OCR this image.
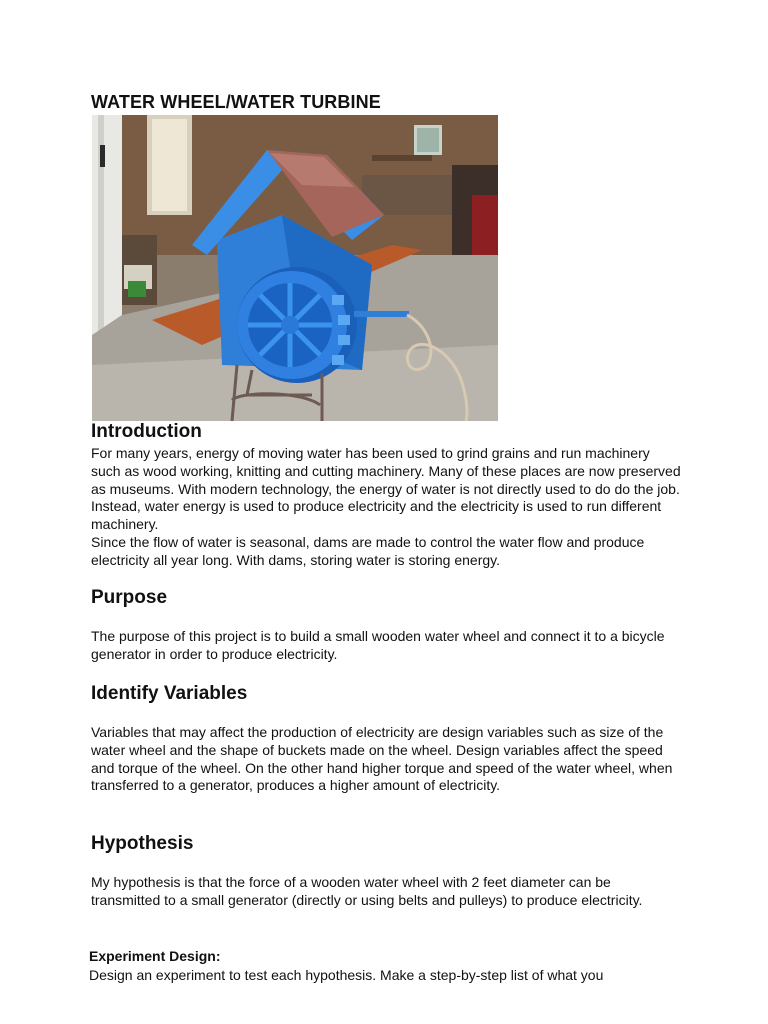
WATER WHEEL/WATER TURBINE
Introduction
For many years, energy of moving water has been used to grind grains and run machinery such as wood working, knitting and cutting machinery. Many of these places are now preserved as museums. With modern technology, the energy of water is not directly used to do do the job. Instead, water energy is used to produce electricity and the electricity is used to run different machinery.
Since the flow of water is seasonal, dams are made to control the water flow and produce electricity all year long. With dams, storing water is storing energy.
Purpose

The purpose of this project is to build a small wooden water wheel and connect it to a bicycle generator in order to produce electricity.

Identify Variables

Variables that may affect the production of electricity are design variables such as size of the water wheel and the shape of buckets made on the wheel. Design variables affect the speed and torque of the wheel. On the other hand higher torque and speed of the water wheel, when transferred to a generator, produces a higher amount of electricity.

Hypothesis

My hypothesis is that the force of a wooden water wheel with 2 feet diameter can be transmitted to a small generator (directly or using belts and pulleys) to produce electricity.

Experiment Design:

Design an experiment to test each hypothesis. Make a step-by-step list of what you
